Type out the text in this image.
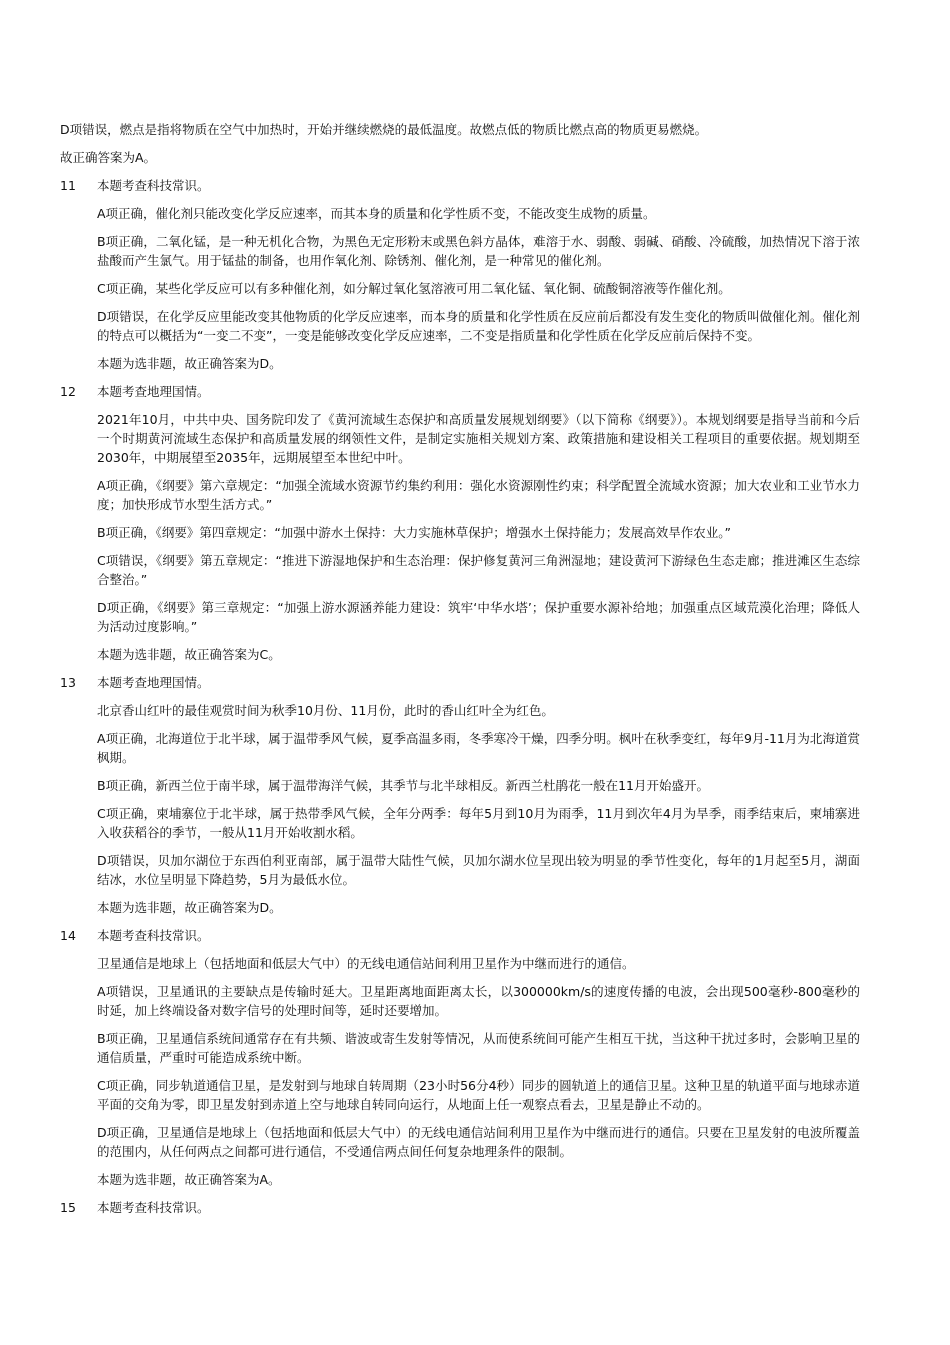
D项错误，燃点是指将物质在空气中加热时，开始并继续燃烧的最低温度。故燃点低的物质比燃点高的物质更易燃烧。

故正确答案为A。

11	本题考查科技常识。

A项正确，催化剂只能改变化学反应速率，而其本身的质量和化学性质不变，不能改变生成物的质量。

B项正确，二氧化锰，是一种无机化合物，为黑色无定形粉末或黑色斜方晶体，难溶于水、弱酸、弱碱、硝酸、冷硫酸，加热情况下溶于浓盐酸而产生氯气。用于锰盐的制备，也用作氧化剂、除锈剂、催化剂，是一种常见的催化剂。

C项正确，某些化学反应可以有多种催化剂，如分解过氧化氢溶液可用二氧化锰、氧化铜、硫酸铜溶液等作催化剂。

D项错误，在化学反应里能改变其他物质的化学反应速率，而本身的质量和化学性质在反应前后都没有发生变化的物质叫做催化剂。催化剂的特点可以概括为“一变二不变”，一变是能够改变化学反应速率，二不变是指质量和化学性质在化学反应前后保持不变。

本题为选非题，故正确答案为D。

12	本题考查地理国情。

2021年10月，中共中央、国务院印发了《黄河流域生态保护和高质量发展规划纲要》（以下简称《纲要》）。本规划纲要是指导当前和今后一个时期黄河流域生态保护和高质量发展的纲领性文件，是制定实施相关规划方案、政策措施和建设相关工程项目的重要依据。规划期至2030年，中期展望至2035年，远期展望至本世纪中叶。

A项正确，《纲要》第六章规定：“加强全流域水资源节约集约利用：强化水资源刚性约束；科学配置全流域水资源；加大农业和工业节水力度；加快形成节水型生活方式。”

B项正确，《纲要》第四章规定：“加强中游水土保持：大力实施林草保护；增强水土保持能力；发展高效旱作农业。”

C项错误，《纲要》第五章规定：“推进下游湿地保护和生态治理：保护修复黄河三角洲湿地；建设黄河下游绿色生态走廊；推进滩区生态综合整治。”

D项正确，《纲要》第三章规定：“加强上游水源涵养能力建设：筑牢‘中华水塔’；保护重要水源补给地；加强重点区域荒漠化治理；降低人为活动过度影响。”

本题为选非题，故正确答案为C。

13	本题考查地理国情。

北京香山红叶的最佳观赏时间为秋季10月份、11月份，此时的香山红叶全为红色。

A项正确，北海道位于北半球，属于温带季风气候，夏季高温多雨，冬季寒冷干燥，四季分明。枫叶在秋季变红，每年9月-11月为北海道赏枫期。

B项正确，新西兰位于南半球，属于温带海洋气候，其季节与北半球相反。新西兰杜鹃花一般在11月开始盛开。

C项正确，柬埔寨位于北半球，属于热带季风气候，全年分两季：每年5月到10月为雨季，11月到次年4月为旱季，雨季结束后，柬埔寨进入收获稻谷的季节，一般从11月开始收割水稻。

D项错误，贝加尔湖位于东西伯利亚南部，属于温带大陆性气候，贝加尔湖水位呈现出较为明显的季节性变化，每年的1月起至5月，湖面结冰，水位呈明显下降趋势，5月为最低水位。

本题为选非题，故正确答案为D。

14	本题考查科技常识。

卫星通信是地球上（包括地面和低层大气中）的无线电通信站间利用卫星作为中继而进行的通信。

A项错误，卫星通讯的主要缺点是传输时延大。卫星距离地面距离太长，以300000km/s的速度传播的电波，会出现500毫秒-800毫秒的时延，加上终端设备对数字信号的处理时间等，延时还要增加。

B项正确，卫星通信系统间通常存在有共频、谐波或寄生发射等情况，从而使系统间可能产生相互干扰，当这种干扰过多时，会影响卫星的通信质量，严重时可能造成系统中断。

C项正确，同步轨道通信卫星，是发射到与地球自转周期（23小时56分4秒）同步的圆轨道上的通信卫星。这种卫星的轨道平面与地球赤道平面的交角为零，即卫星发射到赤道上空与地球自转同向运行，从地面上任一观察点看去，卫星是静止不动的。

D项正确，卫星通信是地球上（包括地面和低层大气中）的无线电通信站间利用卫星作为中继而进行的通信。只要在卫星发射的电波所覆盖的范围内，从任何两点之间都可进行通信，不受通信两点间任何复杂地理条件的限制。

本题为选非题，故正确答案为A。

15	本题考查科技常识。
